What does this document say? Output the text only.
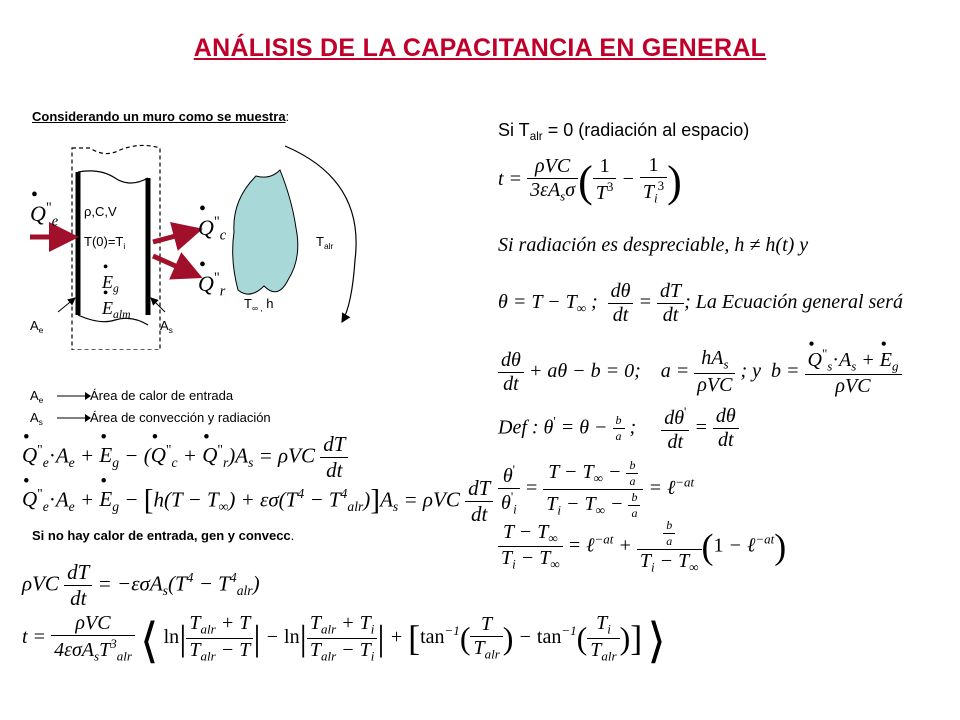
ANÁLISIS DE LA CAPACITANCIA EN GENERAL
Considerando un muro como se muestra:
• $Q^"_e$
ρ,C,V
$T(0)=T_i$
• $E_g$
• $E_{alm}$
• $Q^"_c$
• $Q^"_r$
$A_e$	$A_s$
$T_{alr}$
$T_{\infty ,}$ h
$A_e$	Área de calor de entrada
$A_s$	Área de convección y radiación
• $Q^"_e\cdot A_e$ + • $E_g$ − (• $Q^"_c$ + • $Q^"_r)A_s = \rho VC \frac{dT}{dt}$
• $Q^"_e\cdot A_e$ + • $E_g - [h(T - T_\infty) + \varepsilon\sigma(T^4 - T^4_{alr})]A_s = \rho VC \frac{dT}{dt}$
Si no hay calor de entrada, gen y convecc.
ρVC $\frac{dT}{dt} = -\varepsilon\sigma A_s(T^4 - T^4_{alr})$
$t = \frac{\text{ρVC}}{4\varepsilon\sigma A_sT^3_{alr}}$ ⟨ $\ln| \frac{T_{alr} + T}{T_{alr} - T}$ | − $\ln| \frac{T_{alr} + T_i}{T_{alr} - T_i}$ | + [$\tan^{-1}( \frac{T}{T_{alr}}$ ) − $\tan^{-1}( \frac{T_i}{T_{alr}}$ )] ⟩
Si $T_{alr} = 0$ (radiación al espacio)
$t = \frac{\text{ρVC}}{3\varepsilon A_s\sigma}$ ( $\frac{1}{T^3} - \frac{1}{T_i^3}$ )
Si radiación es despreciable, h ≠ h(t) y
$\theta = T - T_\infty$ ; $\frac{d\theta}{dt} = \frac{dT}{dt}$ ; La Ecuación general será
$\frac{d\theta}{dt} + a\theta - b = 0$;    $a = \frac{hA_s}{\text{ρVC}}$ ; y  b = • $\frac{Q^"_s\cdot A_s + • E_g}{\text{ρVC}}$
Def : $\theta' = \theta - \frac{b}{a}$ ; $\frac{d\theta'}{dt} = \frac{d\theta}{dt}$
$\frac{\theta'}{\theta'_i} = \frac{T - T_\infty - \frac{b}{a}}{T_i - T_\infty - \frac{b}{a}}$ = ℓ$^{-at}$
$\frac{T - T_\infty}{T_i - T_\infty}$ = ℓ$^{-at}$ + $\frac{\frac{b}{a}}{T_i - T_\infty} (1$ − ℓ$^{-at}$)
